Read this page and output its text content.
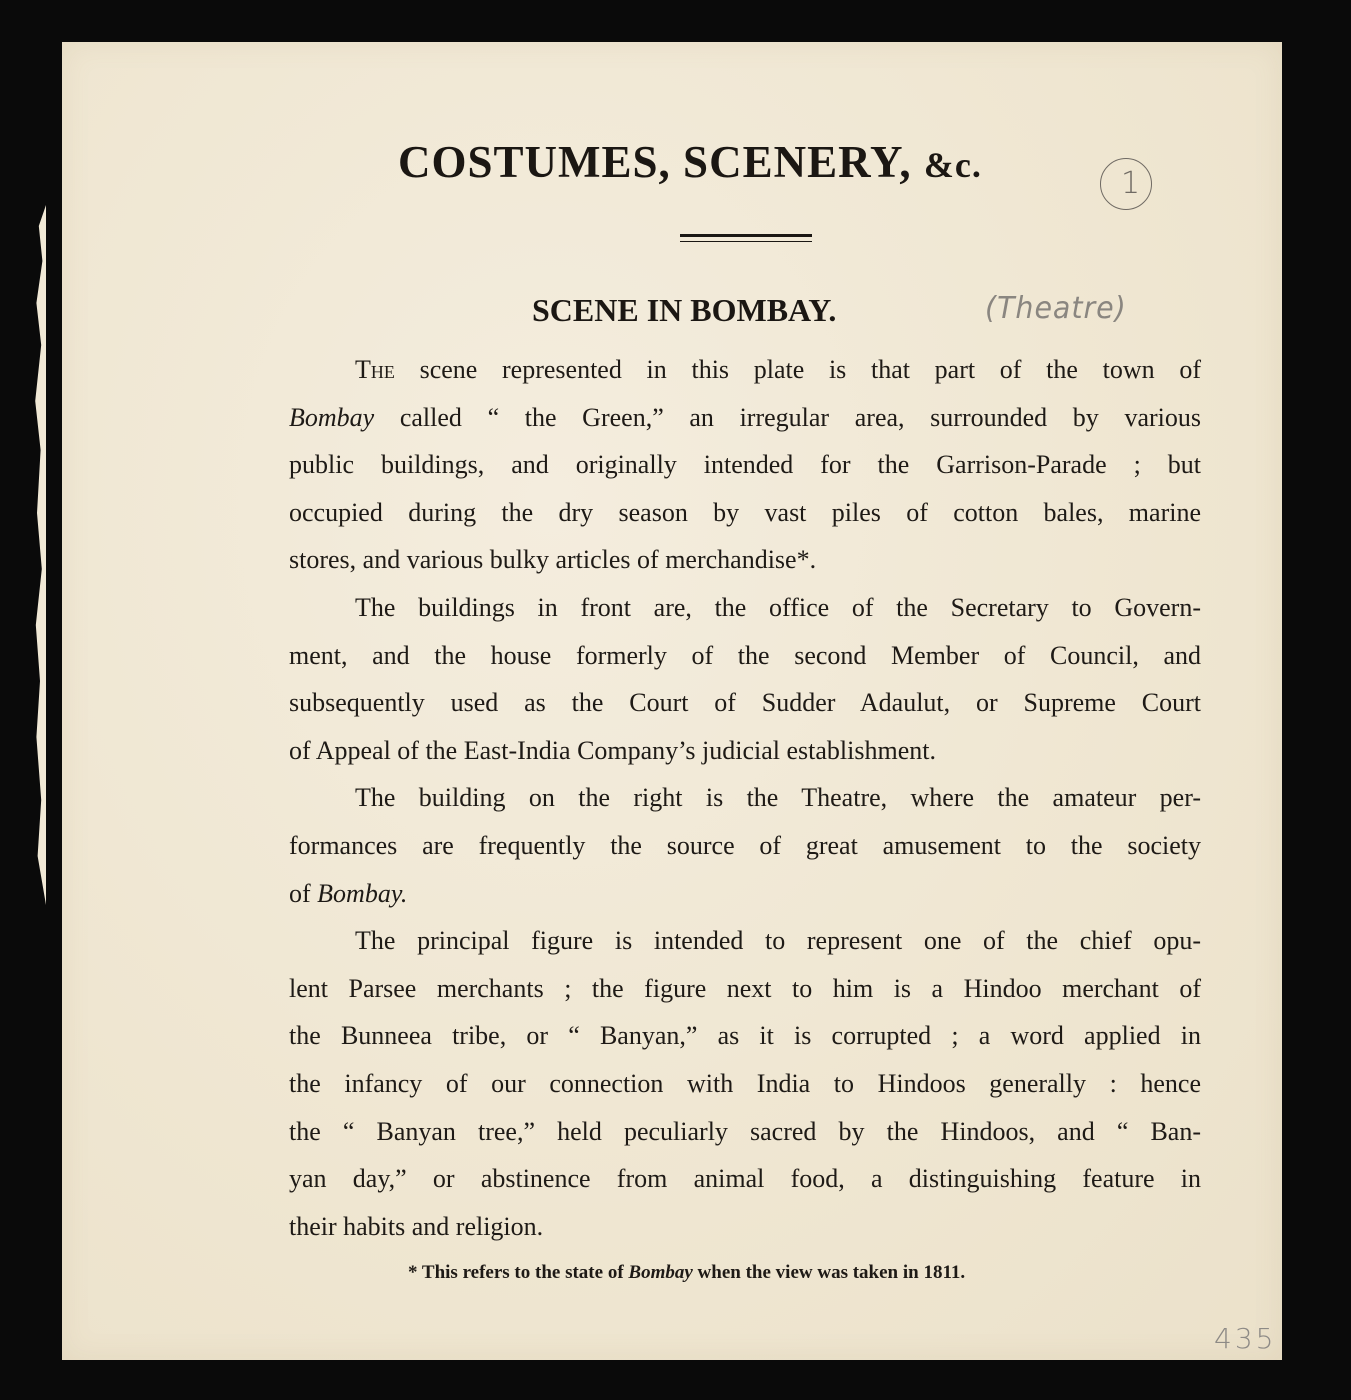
COSTUMES, SCENERY, &c.	1
SCENE IN BOMBAY.	(Theatre)
The scene represented in this plate is that part of the town of
Bombay called “ the Green,” an irregular area, surrounded by various
public buildings, and originally intended for the Garrison-Parade ; but
occupied during the dry season by vast piles of cotton bales, marine
stores, and various bulky articles of merchandise*.
The buildings in front are, the office of the Secretary to Govern-
ment, and the house formerly of the second Member of Council, and
subsequently used as the Court of Sudder Adaulut, or Supreme Court
of Appeal of the East-India Company’s judicial establishment.
The building on the right is the Theatre, where the amateur per-
formances are frequently the source of great amusement to the society
of Bombay.
The principal figure is intended to represent one of the chief opu-
lent Parsee merchants ; the figure next to him is a Hindoo merchant of
the Bunneea tribe, or “ Banyan,” as it is corrupted ; a word applied in
the infancy of our connection with India to Hindoos generally : hence
the “ Banyan tree,” held peculiarly sacred by the Hindoos, and “ Ban-
yan day,” or abstinence from animal food, a distinguishing feature in
their habits and religion.

* This refers to the state of Bombay when the view was taken in 1811.

435
